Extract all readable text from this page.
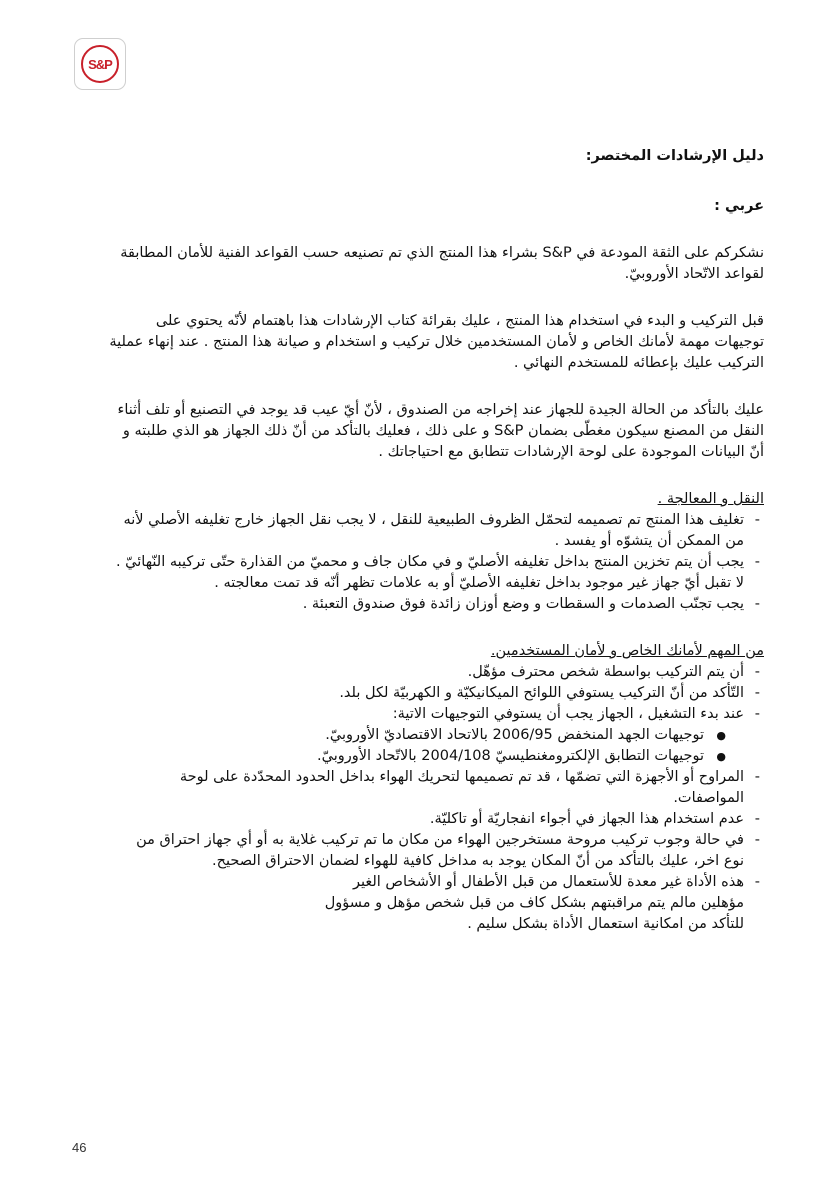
S&P

دليل الإرشادات المختصر:

عربي :

نشكركم على الثقة المودعة في S&P بشراء هذا المنتج الذي تم تصنيعه حسب القواعد الفنية للأمان المطابقة لقواعد الاتّحاد الأوروبيّ.

قبل التركيب و البدء في استخدام هذا المنتج ، عليك بقرائة كتاب الإرشادات هذا باهتمام لأنّه يحتوي على توجيهات مهمة لأمانك الخاص و لأمان المستخدمين خلال تركيب و استخدام و صيانة هذا المنتج . عند إنهاء عملية التركيب عليك بإعطائه للمستخدم النهائي .

عليك بالتأكد من الحالة الجيدة للجهاز عند إخراجه من الصندوق ، لأنّ أيّ عيب قد يوجد في التصنيع أو تلف أثناء النقل من المصنع سيكون مغطّى بضمان S&P و على ذلك ، فعليك بالتأكد من أنّ ذلك الجهاز هو الذي طلبته و أنّ البيانات الموجودة على لوحة الإرشادات تتطابق مع احتياجاتك .

النقل و المعالجة .

- تغليف هذا المنتج تم تصميمه لتحمّل الظروف الطبيعية للنقل ، لا يجب نقل الجهاز خارج تغليفه الأصلي لأنه من الممكن أن يتشوّه أو يفسد .

- يجب أن يتم تخزين المنتج بداخل تغليفه الأصليّ و في مكان جاف و محميّ من القذارة حتّى تركيبه النّهائيّ . لا تقبل أيّ جهاز غير موجود بداخل تغليفه الأصليّ أو به علامات تظهر أنّه قد تمت معالجته .

- يجب تجنّب الصدمات و السقطات و وضع أوزان زائدة فوق صندوق التعبئة .

من المهم لأمانك الخاص و لأمان المستخدمين.

- أن يتم التركيب بواسطة شخص محترف مؤهّل.

- التّأكد من أنّ التركيب يستوفي اللوائح الميكانيكيّة و الكهربيّة لكل بلد.

- عند بدء التشغيل ، الجهاز يجب أن يستوفي التوجيهات الاتية:

● توجيهات الجهد المنخفض 2006/95 بالاتحاد الاقتصاديّ الأوروبيّ.

● توجيهات التطابق الإلكترومغنطيسيّ 2004/108 بالاتّحاد الأوروبيّ.

- المراوح أو الأجهزة التي تضمّها ، قد تم تصميمها لتحريك الهواء بداخل الحدود المحدّدة على لوحة المواصفات.

- عدم استخدام هذا الجهاز في أجواء انفجاريّة أو تاكليّة.

- في حالة وجوب تركيب مروحة مستخرجين الهواء من مكان ما تم تركيب غلاية به أو أي جهاز احتراق من

نوع اخر، عليك بالتأكد من أنّ المكان يوجد به مداخل كافية للهواء لضمان الاحتراق الصحيح.

- هذه الأداة غير معدة للأستعمال من قبل الأطفال أو الأشخاص الغير

مؤهلين مالم يتم مراقبتهم بشكل كاف من قبل شخص مؤهل و مسؤول

للتأكد من امكانية استعمال الأداة بشكل سليم .

46
